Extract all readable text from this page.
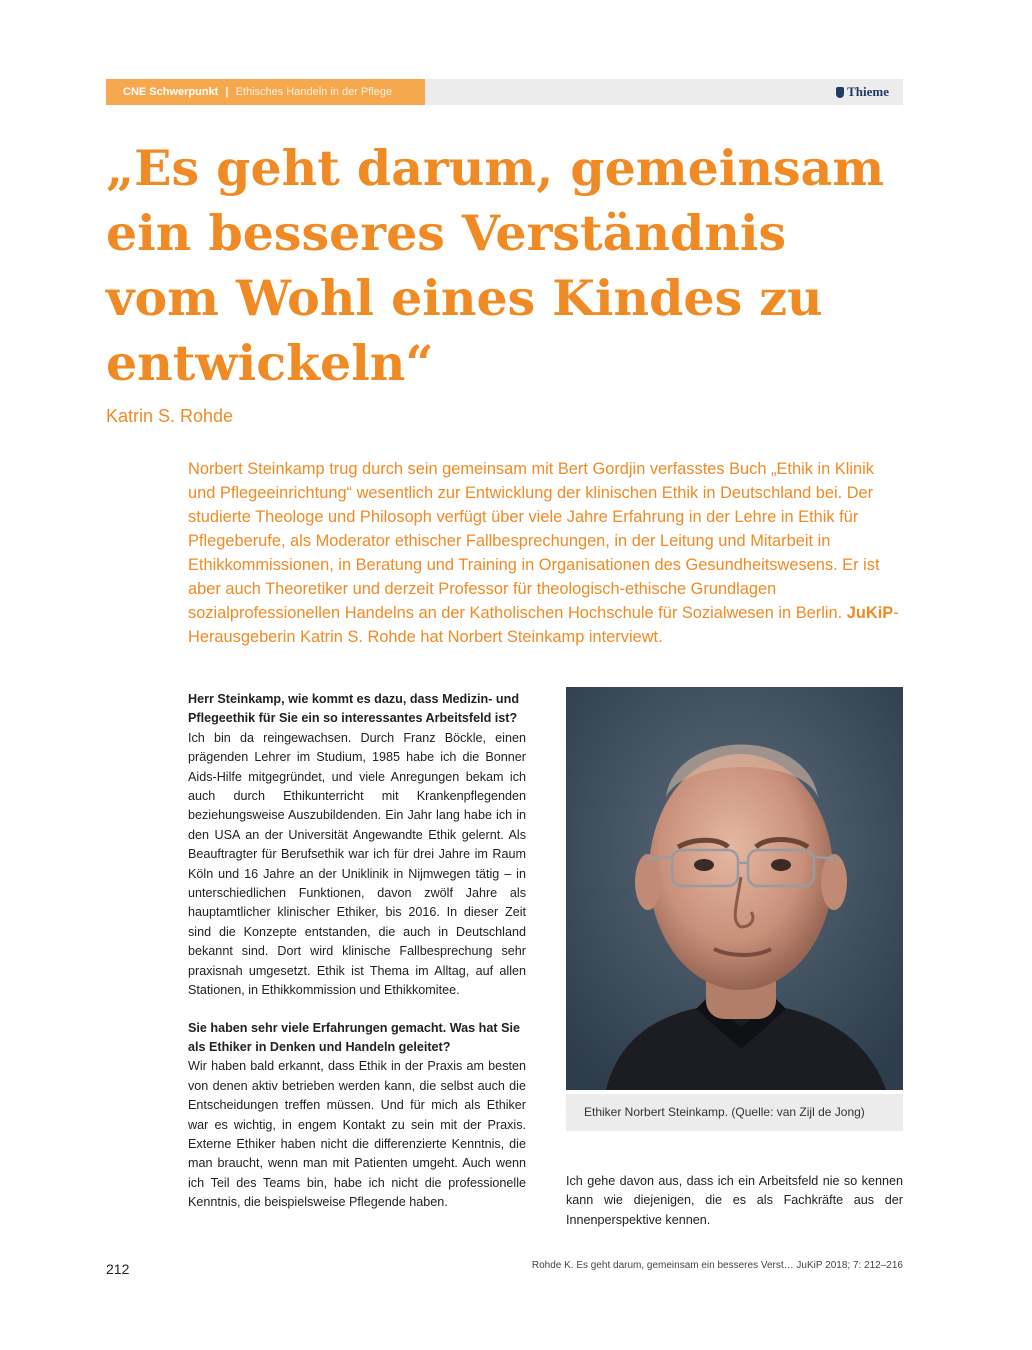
CNE Schwerpunkt | Ethisches Handeln in der Pflege	Thieme
„Es geht darum, gemeinsam ein besseres Verständnis vom Wohl eines Kindes zu entwickeln“
Katrin S. Rohde

Norbert Steinkamp trug durch sein gemeinsam mit Bert Gordjin verfasstes Buch „Ethik in Klinik und Pflegeeinrichtung“ wesentlich zur Entwicklung der klinischen Ethik in Deutschland bei. Der studierte Theologe und Philosoph verfügt über viele Jahre Erfahrung in der Lehre in Ethik für Pflegeberufe, als Moderator ethischer Fallbesprechungen, in der Leitung und Mitarbeit in Ethikkommissionen, in Beratung und Training in Organisationen des Gesundheitswesens. Er ist aber auch Theoretiker und derzeit Professor für theologisch-ethische Grundlagen sozialprofessionellen Handelns an der Katholischen Hochschule für Sozialwesen in Berlin. JuKiP-Herausgeberin Katrin S. Rohde hat Norbert Steinkamp interviewt.

Herr Steinkamp, wie kommt es dazu, dass Medizin- und Pflegeethik für Sie ein so interessantes Arbeitsfeld ist?

Ich bin da reingewachsen. Durch Franz Böckle, einen prägenden Lehrer im Studium, 1985 habe ich die Bonner Aids-Hilfe mitgegründet, und viele Anregungen bekam ich auch durch Ethikunterricht mit Krankenpflegenden beziehungsweise Auszubildenden. Ein Jahr lang habe ich in den USA an der Universität Angewandte Ethik gelernt. Als Beauftragter für Berufsethik war ich für drei Jahre im Raum Köln und 16 Jahre an der Uniklinik in Nijmwegen tätig – in unterschiedlichen Funktionen, davon zwölf Jahre als hauptamtlicher klinischer Ethiker, bis 2016. In dieser Zeit sind die Konzepte entstanden, die auch in Deutschland bekannt sind. Dort wird klinische Fallbesprechung sehr praxisnah umgesetzt. Ethik ist Thema im Alltag, auf allen Stationen, in Ethikkommission und Ethikkomitee.

Sie haben sehr viele Erfahrungen gemacht. Was hat Sie als Ethiker in Denken und Handeln geleitet?

Wir haben bald erkannt, dass Ethik in der Praxis am besten von denen aktiv betrieben werden kann, die selbst auch die Entscheidungen treffen müssen. Und für mich als Ethiker war es wichtig, in engem Kontakt zu sein mit der Praxis. Externe Ethiker haben nicht die differenzierte Kenntnis, die man braucht, wenn man mit Patienten umgeht. Auch wenn ich Teil des Teams bin, habe ich nicht die professionelle Kenntnis, die beispielsweise Pflegende haben.

Ethiker Norbert Steinkamp. (Quelle: van Zijl de Jong)

Ich gehe davon aus, dass ich ein Arbeitsfeld nie so kennen kann wie diejenigen, die es als Fachkräfte aus der Innenperspektive kennen.

212	Rohde K. Es geht darum, gemeinsam ein besseres Verst… JuKiP 2018; 7: 212–216
